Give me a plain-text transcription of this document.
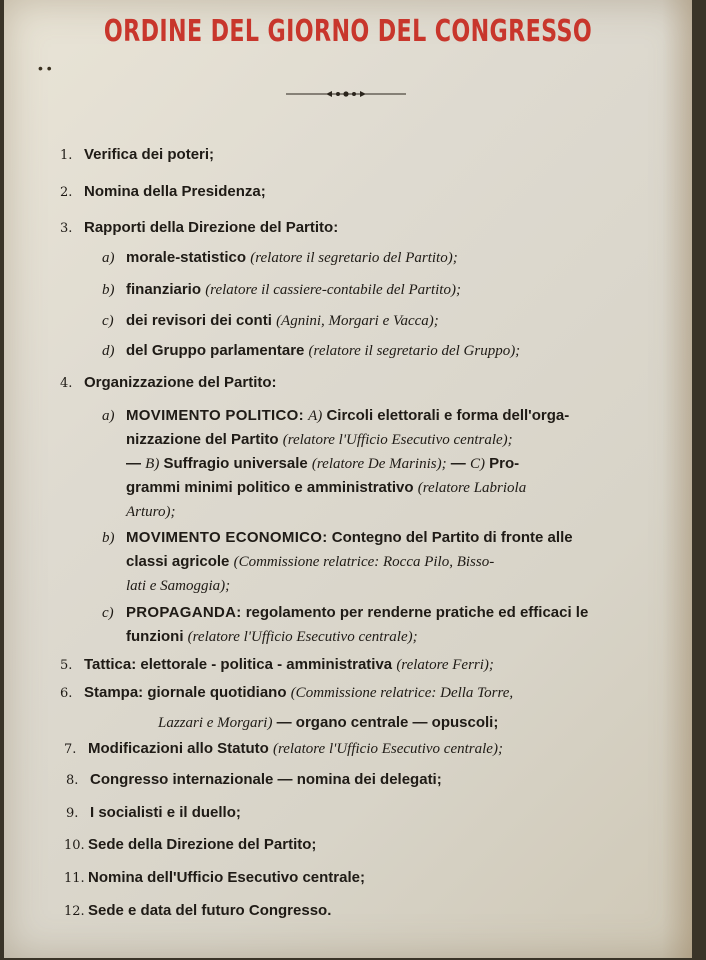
ORDINE DEL GIORNO DEL CONGRESSO
• •
1. Verifica dei poteri;
2. Nomina della Presidenza;
3. Rapporti della Direzione del Partito:
a) morale-statistico (relatore il segretario del Partito);
b) finanziario (relatore il cassiere-contabile del Partito);
c) dei revisori dei conti (Agnini, Morgari e Vacca);
d) del Gruppo parlamentare (relatore il segretario del Gruppo);
4. Organizzazione del Partito:
a) MOVIMENTO POLITICO: A) Circoli elettorali e forma dell'orga-
nizzazione del Partito (relatore l'Ufficio Esecutivo centrale);
— B) Suffragio universale (relatore De Marinis); — C) Pro-
grammi minimi politico e amministrativo (relatore Labriola
Arturo);
b) MOVIMENTO ECONOMICO: Contegno del Partito di fronte alle
classi agricole (Commissione relatrice: Rocca Pilo, Bisso-
lati e Samoggia);
c) PROPAGANDA: regolamento per renderne pratiche ed efficaci le
funzioni (relatore l'Ufficio Esecutivo centrale);
5. Tattica: elettorale - politica - amministrativa (relatore Ferri);
6. Stampa: giornale quotidiano (Commissione relatrice: Della Torre,
Lazzari e Morgari) — organo centrale — opuscoli;
7. Modificazioni allo Statuto (relatore l'Ufficio Esecutivo centrale);
8. Congresso internazionale — nomina dei delegati;
9. I socialisti e il duello;
10. Sede della Direzione del Partito;
11. Nomina dell'Ufficio Esecutivo centrale;
12. Sede e data del futuro Congresso.
